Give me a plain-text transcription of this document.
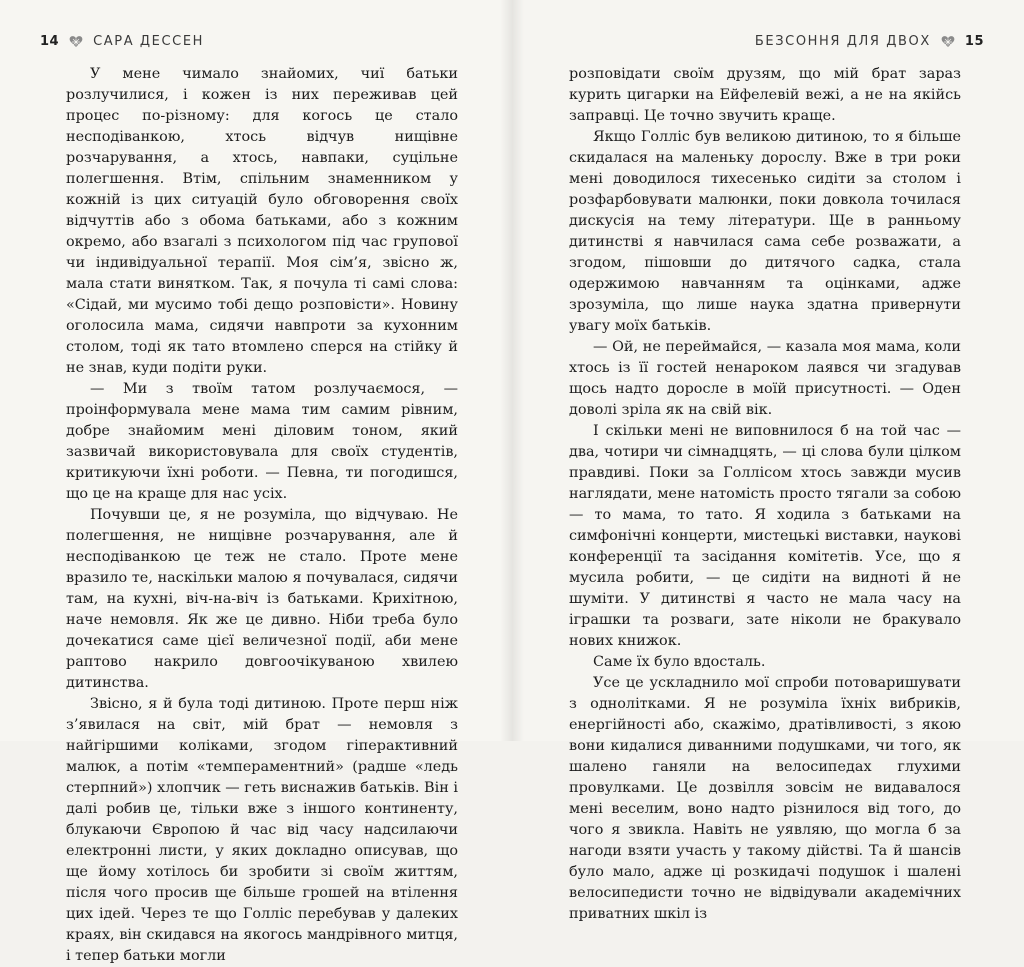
14	САРА ДЕССЕН

У мене чимало знайомих, чиї батьки розлучилися, і кожен із них переживав цей процес по-різному: для когось це стало несподіванкою, хтось відчув нищівне розчарування, а хтось, навпаки, суцільне полегшення. Втім, спільним знаменником у кожній із цих ситуацій було обговорення своїх відчуттів або з обома батьками, або з кожним окремо, або взагалі з психологом під час групової чи індивідуальної терапії. Моя сім’я, звісно ж, мала стати винятком. Так, я почула ті самі слова: «Сідай, ми мусимо тобі дещо розповісти». Новину оголосила мама, сидячи навпроти за кухонним столом, тоді як тато втомлено сперся на стійку й не знав, куди подіти руки.

— Ми з твоїм татом розлучаємося, — проінформувала мене мама тим самим рівним, добре знайомим мені діловим тоном, який зазвичай використовувала для своїх студентів, критикуючи їхні роботи. — Певна, ти погодишся, що це на краще для нас усіх.

Почувши це, я не розуміла, що відчуваю. Не полегшення, не нищівне розчарування, але й несподіванкою це теж не стало. Проте мене вразило те, наскільки малою я почувалася, сидячи там, на кухні, віч-на-віч із батьками. Крихітною, наче немовля. Як же це дивно. Ніби треба було дочекатися саме цієї величезної події, аби мене раптово накрило довгоочікуваною хвилею дитинства.

Звісно, я й була тоді дитиною. Проте перш ніж з’явилася на світ, мій брат — немовля з найгіршими коліками, згодом гіперактивний малюк, а потім «темпераментний» (радше «ледь стерпний») хлопчик — геть виснажив батьків. Він і далі робив це, тільки вже з іншого континенту, блукаючи Європою й час від часу надсилаючи електронні листи, у яких докладно описував, що ще йому хотілось би зробити зі своїм життям, після чого просив ще більше грошей на втілення цих ідей. Через те що Голліс перебував у далеких краях, він скидався на якогось мандрівного митця, і тепер батьки могли

БЕЗСОННЯ ДЛЯ ДВОХ	15

розповідати своїм друзям, що мій брат зараз курить цигарки на Ейфелевій вежі, а не на якійсь заправці. Це точно звучить краще.

Якщо Голліс був великою дитиною, то я більше скидалася на маленьку дорослу. Вже в три роки мені доводилося тихесенько сидіти за столом і розфарбовувати малюнки, поки довкола точилася дискусія на тему літератури. Ще в ранньому дитинстві я навчилася сама себе розважати, а згодом, пішовши до дитячого садка, стала одержимою навчанням та оцінками, адже зрозуміла, що лише наука здатна привернути увагу моїх батьків.

— Ой, не переймайся, — казала моя мама, коли хтось із її гостей ненароком лаявся чи згадував щось надто доросле в моїй присутності. — Оден доволі зріла як на свій вік.

І скільки мені не виповнилося б на той час — два, чотири чи сімнадцять, — ці слова були цілком правдиві. Поки за Голлісом хтось завжди мусив наглядати, мене натомість просто тягали за собою — то мама, то тато. Я ходила з батьками на симфонічні концерти, мистецькі виставки, наукові конференції та засідання комітетів. Усе, що я мусила робити, — це сидіти на видноті й не шуміти. У дитинстві я часто не мала часу на іграшки та розваги, зате ніколи не бракувало нових книжок.

Саме їх було вдосталь.

Усе це ускладнило мої спроби потоваришувати з однолітками. Я не розуміла їхніх вибриків, енергійності або, скажімо, дратівливості, з якою вони кидалися диванними подушками, чи того, як шалено ганяли на велосипедах глухими провулками. Це дозвілля зовсім не видавалося мені веселим, воно надто різнилося від того, до чого я звикла. Навіть не уявляю, що могла б за нагоди взяти участь у такому дійстві. Та й шансів було мало, адже ці розкидачі подушок і шалені велосипедисти точно не відвідували академічних приватних шкіл із
